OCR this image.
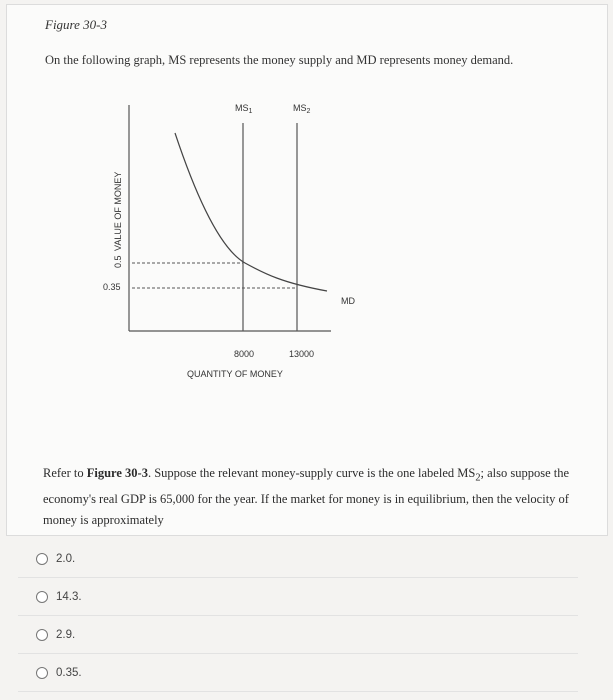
Figure 30-3
On the following graph, MS represents the money supply and MD represents money demand.
$MS_1$	$MS_2$
MD
VALUE OF MONEY
0.5
0.35
8000	13000
QUANTITY OF MONEY
Refer to Figure 30-3. Suppose the relevant money-supply curve is the one labeled $MS_2$; also suppose the economy's real GDP is 65,000 for the year. If the market for money is in equilibrium, then the velocity of money is approximately
2.0.
14.3.
2.9.
0.35.
